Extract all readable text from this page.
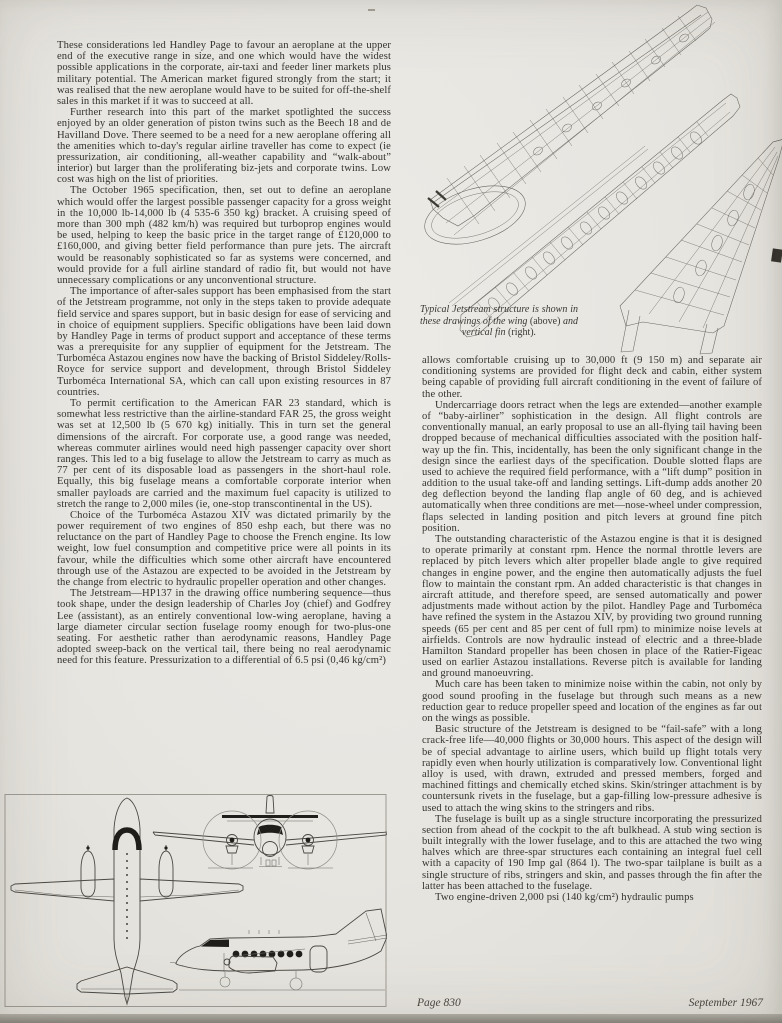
These considerations led Handley Page to favour an aeroplane at the upper end of the executive range in size, and one which would have the widest possible applications in the corporate, air-taxi and feeder liner markets plus military potential. The American market figured strongly from the start; it was realised that the new aeroplane would have to be suited for off-the-shelf sales in this market if it was to succeed at all.

Further research into this part of the market spotlighted the success enjoyed by an older generation of piston twins such as the Beech 18 and de Havilland Dove. There seemed to be a need for a new aeroplane offering all the amenities which to-day's regular airline traveller has come to expect (ie pressurization, air conditioning, all-weather capability and “walk-about” interior) but larger than the proliferating biz-jets and corporate twins. Low cost was high on the list of priorities.

The October 1965 specification, then, set out to define an aeroplane which would offer the largest possible passenger capacity for a gross weight in the 10,000 lb-14,000 lb (4 535-6 350 kg) bracket. A cruising speed of more than 300 mph (482 km/h) was required but turboprop engines would be used, helping to keep the basic price in the target range of £120,000 to £160,000, and giving better field performance than pure jets. The aircraft would be reasonably sophisticated so far as systems were concerned, and would provide for a full airline standard of radio fit, but would not have unnecessary complications or any unconventional structure.

The importance of after-sales support has been emphasised from the start of the Jetstream programme, not only in the steps taken to provide adequate field service and spares support, but in basic design for ease of servicing and in choice of equipment suppliers. Specific obligations have been laid down by Handley Page in terms of product support and acceptance of these terms was a prerequisite for any supplier of equipment for the Jetstream. The Turboméca Astazou engines now have the backing of Bristol Siddeley/Rolls-Royce for service support and development, through Bristol Siddeley Turboméca International SA, which can call upon existing resources in 87 countries.

To permit certification to the American FAR 23 standard, which is somewhat less restrictive than the airline-standard FAR 25, the gross weight was set at 12,500 lb (5 670 kg) initially. This in turn set the general dimensions of the aircraft. For corporate use, a good range was needed, whereas commuter airlines would need high passenger capacity over short ranges. This led to a big fuselage to allow the Jetstream to carry as much as 77 per cent of its disposable load as passengers in the short-haul role. Equally, this big fuselage means a comfortable corporate interior when smaller payloads are carried and the maximum fuel capacity is utilized to stretch the range to 2,000 miles (ie, one-stop transcontinental in the US).

Choice of the Turboméca Astazou XIV was dictated primarily by the power requirement of two engines of 850 eshp each, but there was no reluctance on the part of Handley Page to choose the French engine. Its low weight, low fuel consumption and competitive price were all points in its favour, while the difficulties which some other aircraft have encountered through use of the Astazou are expected to be avoided in the Jetstream by the change from electric to hydraulic propeller operation and other changes.

The Jetstream—HP137 in the drawing office numbering sequence—thus took shape, under the design leadership of Charles Joy (chief) and Godfrey Lee (assistant), as an entirely conventional low-wing aeroplane, having a large diameter circular section fuselage roomy enough for two-plus-one seating. For aesthetic rather than aerodynamic reasons, Handley Page adopted sweep-back on the vertical tail, there being no real aerodynamic need for this feature. Pressurization to a differential of 6.5 psi (0,46 kg/cm²)

Typical Jetstream structure is shown in these drawings of the wing (above) and vertical fin (right).

allows comfortable cruising up to 30,000 ft (9 150 m) and separate air conditioning systems are provided for flight deck and cabin, either system being capable of providing full aircraft conditioning in the event of failure of the other.

Undercarriage doors retract when the legs are extended—another example of “baby-airliner” sophistication in the design. All flight controls are conventionally manual, an early proposal to use an all-flying tail having been dropped because of mechanical difficulties associated with the position half-way up the fin. This, incidentally, has been the only significant change in the design since the earliest days of the specification. Double slotted flaps are used to achieve the required field performance, with a “lift dump” position in addition to the usual take-off and landing settings. Lift-dump adds another 20 deg deflection beyond the landing flap angle of 60 deg, and is achieved automatically when three conditions are met—nose-wheel under compression, flaps selected in landing position and pitch levers at ground fine pitch position.

The outstanding characteristic of the Astazou engine is that it is designed to operate primarily at constant rpm. Hence the normal throttle levers are replaced by pitch levers which alter propeller blade angle to give required changes in engine power, and the engine then automatically adjusts the fuel flow to maintain the constant rpm. An added characteristic is that changes in aircraft attitude, and therefore speed, are sensed automatically and power adjustments made without action by the pilot. Handley Page and Turboméca have refined the system in the Astazou XIV, by providing two ground running speeds (65 per cent and 85 per cent of full rpm) to minimize noise levels at airfields. Controls are now hydraulic instead of electric and a three-blade Hamilton Standard propeller has been chosen in place of the Ratier-Figeac used on earlier Astazou installations. Reverse pitch is available for landing and ground manoeuvring.

Much care has been taken to minimize noise within the cabin, not only by good sound proofing in the fuselage but through such means as a new reduction gear to reduce propeller speed and location of the engines as far out on the wings as possible.

Basic structure of the Jetstream is designed to be “fail-safe” with a long crack-free life—40,000 flights or 30,000 hours. This aspect of the design will be of special advantage to airline users, which build up flight totals very rapidly even when hourly utilization is comparatively low. Conventional light alloy is used, with drawn, extruded and pressed members, forged and machined fittings and chemically etched skins. Skin/stringer attachment is by countersunk rivets in the fuselage, but a gap-filling low-pressure adhesive is used to attach the wing skins to the stringers and ribs.

The fuselage is built up as a single structure incorporating the pressurized section from ahead of the cockpit to the aft bulkhead. A stub wing section is built integrally with the lower fuselage, and to this are attached the two wing halves which are three-spar structures each containing an integral fuel cell with a capacity of 190 Imp gal (864 l). The two-spar tailplane is built as a single structure of ribs, stringers and skin, and passes through the fin after the latter has been attached to the fuselage.

Two engine-driven 2,000 psi (140 kg/cm²) hydraulic pumps

Page 830	September 1967
